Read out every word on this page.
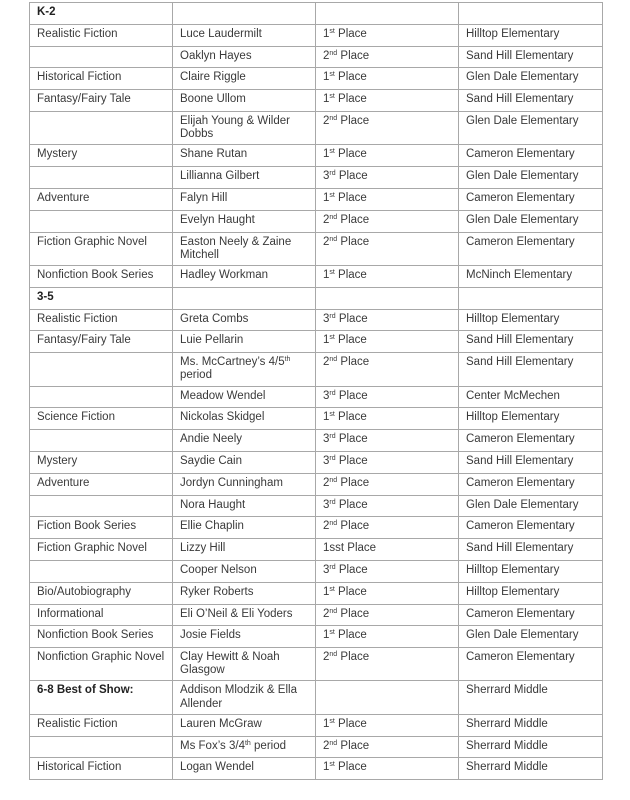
K-2			
Realistic Fiction	Luce Laudermilt	1st Place	Hilltop Elementary
	Oaklyn Hayes	2nd Place	Sand Hill Elementary
Historical Fiction	Claire Riggle	1st Place	Glen Dale Elementary
Fantasy/Fairy Tale	Boone Ullom	1st Place	Sand Hill Elementary
	Elijah Young & Wilder Dobbs	2nd Place	Glen Dale Elementary
Mystery	Shane Rutan	1st Place	Cameron Elementary
	Lillianna Gilbert	3rd Place	Glen Dale Elementary
Adventure	Falyn Hill	1st Place	Cameron Elementary
	Evelyn Haught	2nd Place	Glen Dale Elementary
Fiction Graphic Novel	Easton Neely & Zaine Mitchell	2nd Place	Cameron Elementary
Nonfiction Book Series	Hadley Workman	1st Place	McNinch Elementary
3-5			
Realistic Fiction	Greta Combs	3rd Place	Hilltop Elementary
Fantasy/Fairy Tale	Luie Pellarin	1st Place	Sand Hill Elementary
	Ms. McCartney’s 4/5th period	2nd Place	Sand Hill Elementary
	Meadow Wendel	3rd Place	Center McMechen
Science Fiction	Nickolas Skidgel	1st Place	Hilltop Elementary
	Andie Neely	3rd Place	Cameron Elementary
Mystery	Saydie Cain	3rd Place	Sand Hill Elementary
Adventure	Jordyn Cunningham	2nd Place	Cameron Elementary
	Nora Haught	3rd Place	Glen Dale Elementary
Fiction Book Series	Ellie Chaplin	2nd Place	Cameron Elementary
Fiction Graphic Novel	Lizzy Hill	1sst Place	Sand Hill Elementary
	Cooper Nelson	3rd Place	Hilltop Elementary
Bio/Autobiography	Ryker Roberts	1st Place	Hilltop Elementary
Informational	Eli O’Neil & Eli Yoders	2nd Place	Cameron Elementary
Nonfiction Book Series	Josie Fields	1st Place	Glen Dale Elementary
Nonfiction Graphic Novel	Clay Hewitt & Noah Glasgow	2nd Place	Cameron Elementary
6-8 Best of Show:	Addison Mlodzik & Ella Allender		Sherrard Middle
Realistic Fiction	Lauren McGraw	1st Place	Sherrard Middle
	Ms Fox’s 3/4th period	2nd Place	Sherrard Middle
Historical Fiction	Logan Wendel	1st Place	Sherrard Middle
